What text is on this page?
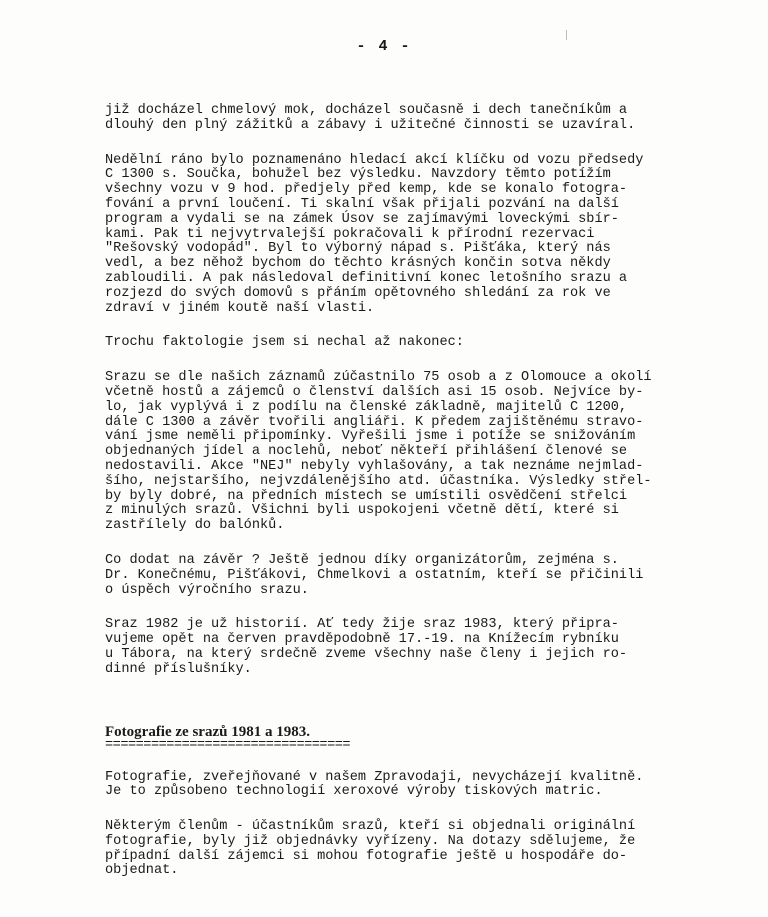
- 4 -
již docházel chmelový mok, docházel současně i dech tanečníkům a
dlouhý den plný zážitků a zábavy i užitečné činnosti se uzavíral.
Nedělní ráno bylo poznamenáno hledací akcí klíčku od vozu předsedy
C 1300 s. Součka, bohužel bez výsledku. Navzdory těmto potížím
všechny vozu v 9 hod. předjely před kemp, kde se konalo fotogra-
fování a první loučení. Ti skalní však přijali pozvání na další
program a vydali se na zámek Úsov se zajímavými loveckými sbír-
kami. Pak ti nejvytrvalejší pokračovali k přírodní rezervaci
"Rešovský vodopád". Byl to výborný nápad s. Pišťáka, který nás
vedl, a bez něhož bychom do těchto krásných končin sotva někdy
zabloudili. A pak následoval definitivní konec letošního srazu a
rozjezd do svých domovů s přáním opětovného shledání za rok ve
zdraví v jiném koutě naší vlasti.
Trochu faktologie jsem si nechal až nakonec:
Srazu se dle našich záznamů zúčastnilo 75 osob a z Olomouce a okolí
včetně hostů a zájemců o členství dalších asi 15 osob. Nejvíce by-
lo, jak vyplývá i z podílu na členské základně, majitelů C 1200,
dále C 1300 a závěr tvořili angliáři. K předem zajištěnému stravo-
vání jsme neměli připomínky. Vyřešili jsme i potíže se snižováním
objednaných jídel a noclehů, neboť někteří přihlášení členové se
nedostavili. Akce "NEJ" nebyly vyhlašovány, a tak neznáme nejmlad-
šího, nejstaršího, nejvzdálenějšího atd. účastníka. Výsledky střel-
by byly dobré, na předních místech se umístili osvědčení střelci
z minulých srazů. Všichni byli uspokojeni včetně dětí, které si
zastřílely do balónků.
Co dodat na závěr ? Ještě jednou díky organizátorům, zejména s.
Dr. Konečnému, Pišťákovi, Chmelkovi a ostatním, kteří se přičinili
o úspěch výročního srazu.
Sraz 1982 je už historií. Ať tedy žije sraz 1983, který připra-
vujeme opět na červen pravděpodobně 17.-19. na Knížecím rybníku
u Tábora, na který srdečně zveme všechny naše členy i jejich ro-
dinné příslušníky.
Fotografie ze srazů 1981 a 1983.
================================
Fotografie, zveřejňované v našem Zpravodaji, nevycházejí kvalitně.
Je to způsobeno technologií xeroxové výroby tiskových matric.
Některým členům - účastníkům srazů, kteří si objednali originální
fotografie, byly již objednávky vyřízeny. Na dotazy sdělujeme, že
případní další zájemci si mohou fotografie ještě u hospodáře do-
objednat.
